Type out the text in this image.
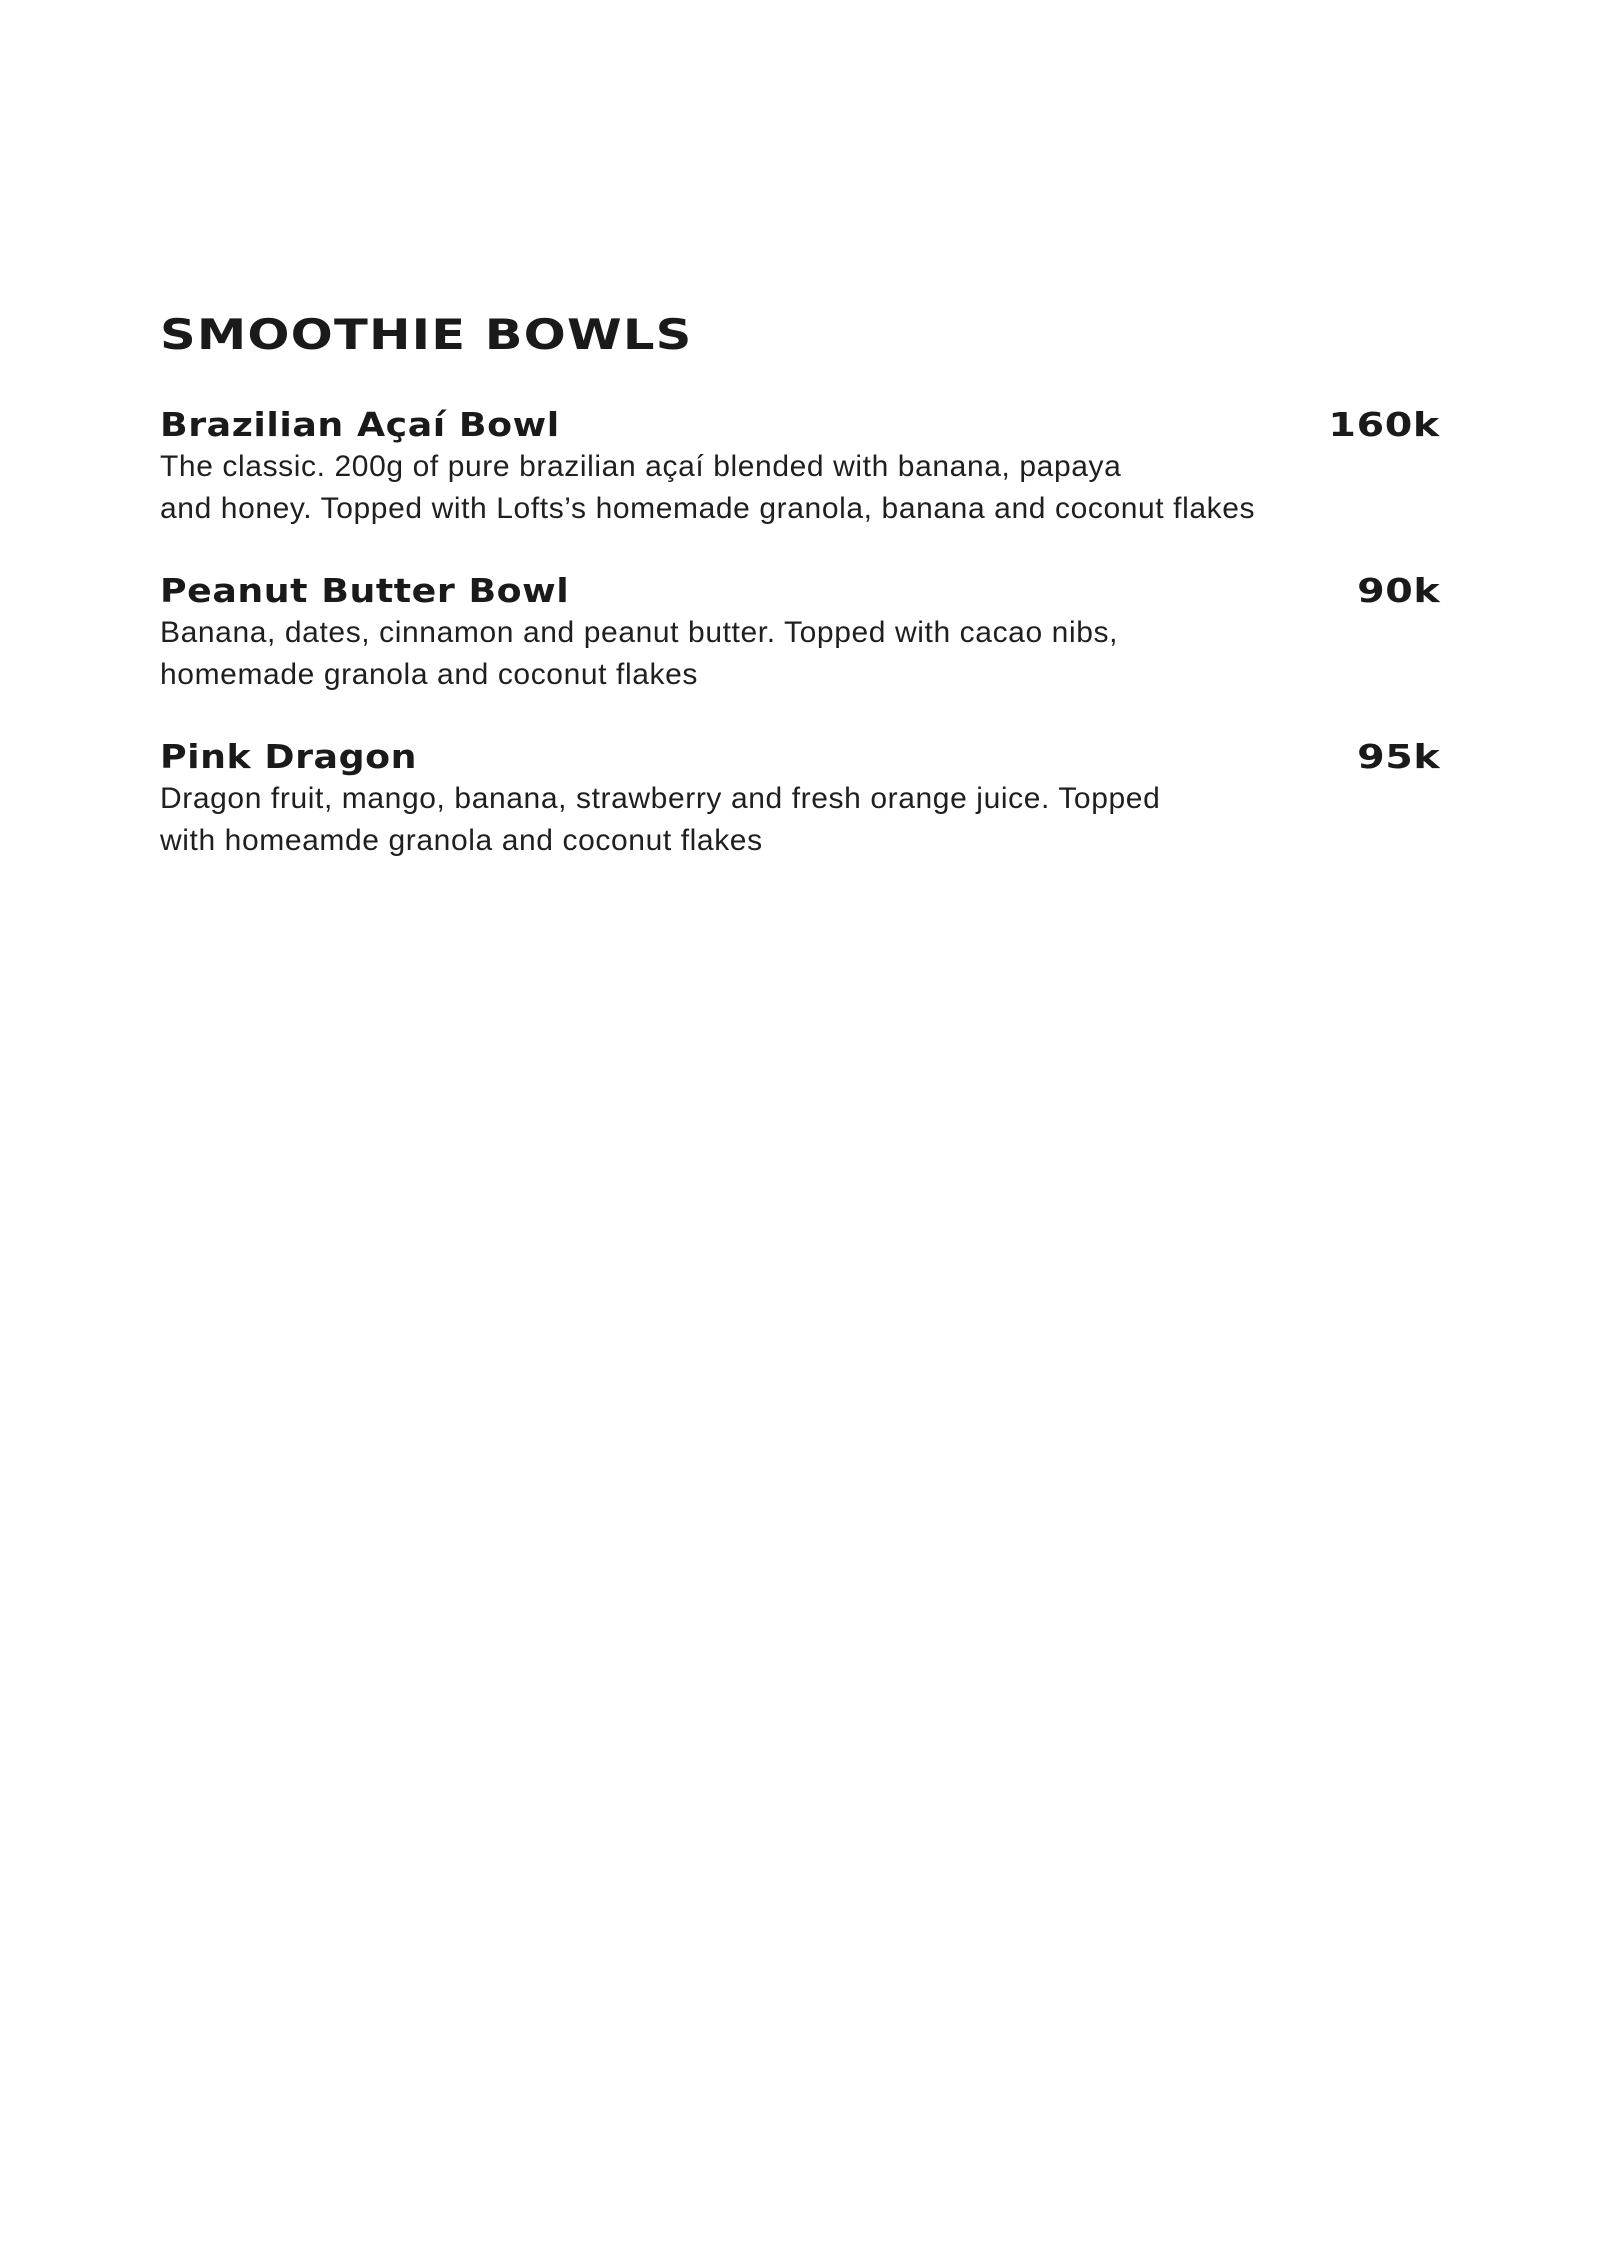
SMOOTHIE BOWLS
Brazilian Açaí Bowl	160k
The classic. 200g of pure brazilian açaí blended with banana, papaya
and honey. Topped with Lofts’s homemade granola, banana and coconut flakes
Peanut Butter Bowl	90k
Banana, dates, cinnamon and peanut butter. Topped with cacao nibs,
homemade granola and coconut flakes
Pink Dragon	95k
Dragon fruit, mango, banana, strawberry and fresh orange juice. Topped
with homeamde granola and coconut flakes
